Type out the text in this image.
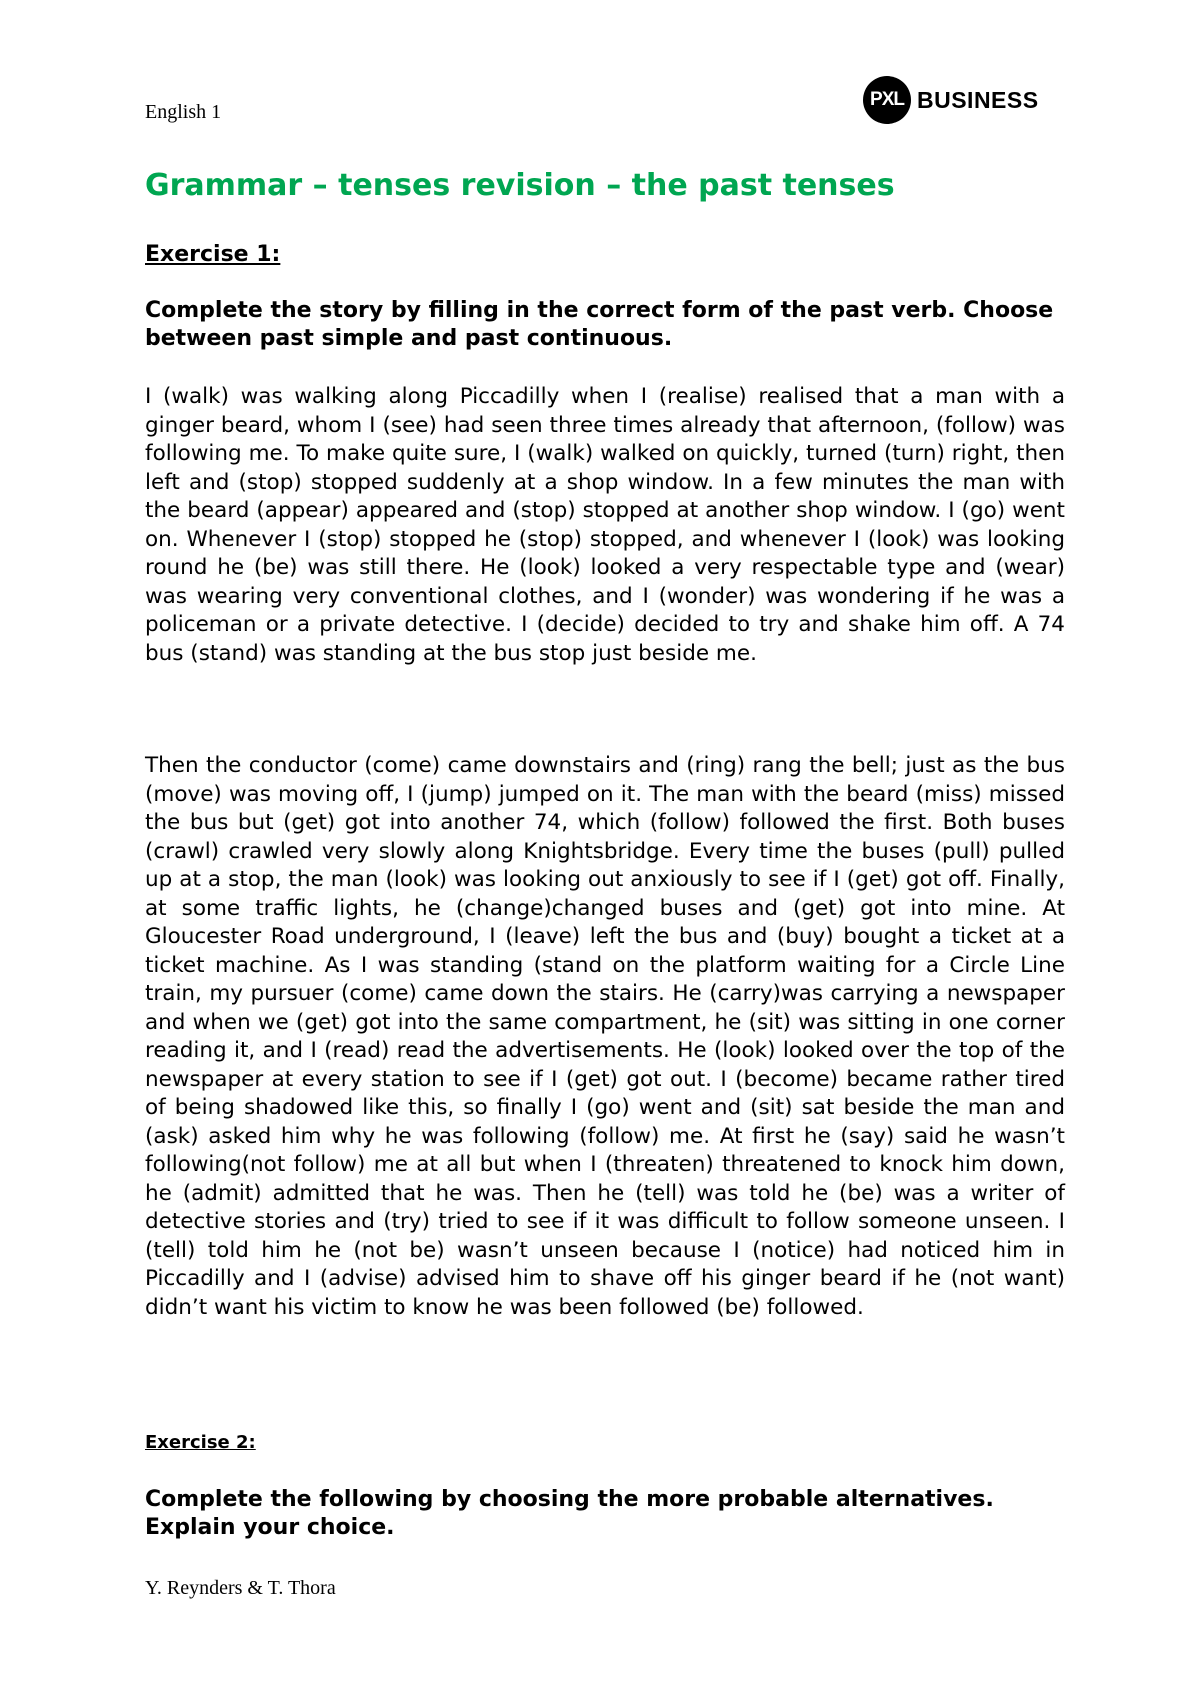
English 1
PXL BUSINESS
Grammar – tenses revision – the past tenses
Exercise 1:

Complete the story by filling in the correct form of the past verb. Choose between past simple and past continuous.

I (walk) was walking along Piccadilly when I (realise) realised that a man with a ginger beard, whom I (see) had seen three times already that afternoon, (follow) was following me. To make quite sure, I (walk) walked on quickly, turned (turn) right, then left and (stop) stopped suddenly at a shop window. In a few minutes the man with the beard (appear) appeared and (stop) stopped at another shop window. I (go) went on. Whenever I (stop) stopped he (stop) stopped, and whenever I (look) was looking round he (be) was still there. He (look) looked a very respectable type and (wear) was wearing very conventional clothes, and I (wonder) was wondering if he was a policeman or a private detective. I (decide) decided to try and shake him off. A 74 bus (stand) was standing at the bus stop just beside me.

Then the conductor (come) came downstairs and (ring) rang the bell; just as the bus (move) was moving off, I (jump) jumped on it. The man with the beard (miss) missed the bus but (get) got into another 74, which (follow) followed the first. Both buses (crawl) crawled very slowly along Knightsbridge. Every time the buses (pull) pulled up at a stop, the man (look) was looking out anxiously to see if I (get) got off. Finally, at some traffic lights, he (change)changed buses and (get) got into mine. At Gloucester Road underground, I (leave) left the bus and (buy) bought a ticket at a ticket machine. As I was standing (stand on the platform waiting for a Circle Line train, my pursuer (come) came down the stairs. He (carry)was carrying a newspaper and when we (get) got into the same compartment, he (sit) was sitting in one corner reading it, and I (read) read the advertisements. He (look) looked over the top of the newspaper at every station to see if I (get) got out. I (become) became rather tired of being shadowed like this, so finally I (go) went and (sit) sat beside the man and (ask) asked him why he was following (follow) me. At first he (say) said he wasn’t following(not follow) me at all but when I (threaten) threatened to knock him down, he (admit) admitted that he was. Then he (tell) was told he (be) was a writer of detective stories and (try) tried to see if it was difficult to follow someone unseen. I (tell) told him he (not be) wasn’t unseen because I (notice) had noticed him in Piccadilly and I (advise) advised him to shave off his ginger beard if he (not want) didn’t want his victim to know he was been followed (be) followed.

Exercise 2:

Complete the following by choosing the more probable alternatives. Explain your choice.

Y. Reynders & T. Thora
